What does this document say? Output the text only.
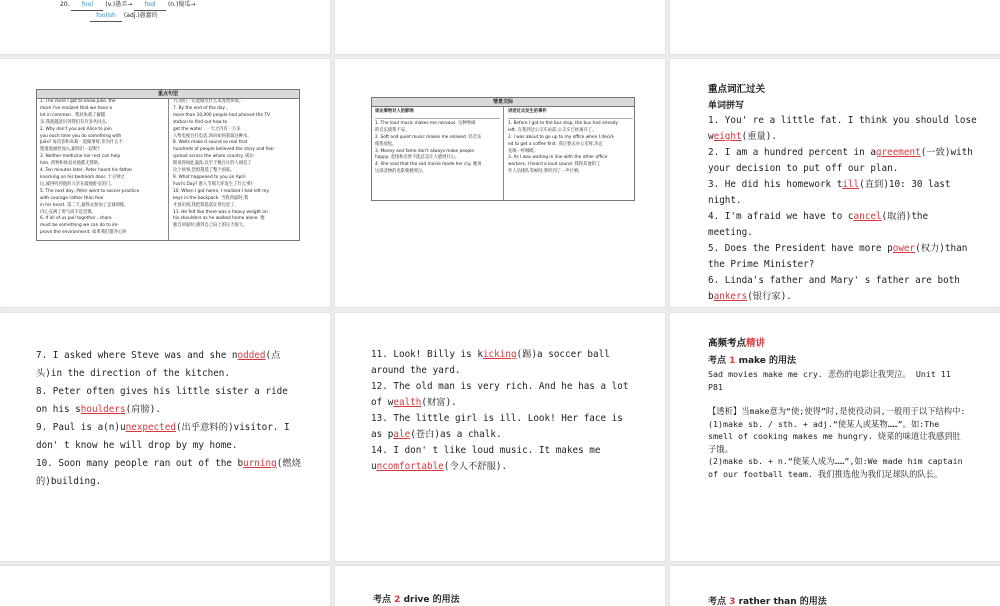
20. fool (v.)愚弄→ fool (n.)傻瓜→
foolish (adj.)愚蠢的
重点句型
1. The more I got to know Julie, the
more I've realized that we have a
lot in common . 我对朱莉了解越
多,我就越意识到我们有许多共同点。
2. Why don't you ask Alice to join
you each time you do something with
Julie? 每次你和朱莉一起做事时,你为什么不
邀请爱丽丝加入,跟你们一起呢?
3. Neither medicine nor rest can help
him. 药物和休息对他都无帮助。
4. Ten minutes later, Peter heard his father
knocking on his bedroom door. 十分钟之
后,彼得听到他的父亲在敲他卧室的门。
5. The next day, Peter went to soccer practice
with courage rather than fear
in his heart. 第二天,彼得去参加了足球训练,
内心充满了勇气而不是恐惧。
6. If all of us pull together , share
must be something we can do to im-
prove the environment. 如果我们都齐心协
力,我们一定能做点什么来改善环境。
7. By the end of the day ,
more than 10,000 people had phoned the TV
station to find out how to
get the water . 一天之内有一万多
人给电视台打电话,询问如何获取这种水。
8. Wells make it sound so real that
hundreds of people believed the story and fear
spread across the whole country. 威尔
斯说得如此逼真,以至于数百计的人相信了
这个故事,恐惧蔓延了整个国家。
9. What happened to you on April
Fool's Day? 愚人节那天你发生了什么事?
10. When I got home, I realized I had left my
keys in the backpack. 当我到家时,我
才意识到,我把钥匙落在背包里了。
11. He felt like there was a heavy weight on
his shoulders as he walked home alone. 他
独自回家时,感到自己肩上的压力很大。
情景交际
谈论事物对人的影响
1. The loud music makes me nervous. 这种吵闹
的音乐使我不安。
2. Soft and quiet music makes me relaxed. 轻音乐
使我放松。
3. Money and fame don't always make people
happy. 金钱和名誉不能总是让人感到开心。
4. She said that the sad movie made her cry. 她说
这部悲惨的电影使她哭泣。
讲述过去发生的事件
1. Before I got to the bus stop, the bus had already
left. 在我到达公交车站前,公交车已经离开了。
2. I was about to go up to my office when I decid-
ed to get a coffee first. 我正要去办公室时,决定
先喝一杯咖啡。
3. As I was waiting in line with the other office
workers, I heard a loud sound. 我和其他的工
作人员排队等候时,我听到了一声巨响。
重点词汇过关
单词拼写
1. You' re a little fat. I think you should lose weight(重量).
2. I am a hundred percent in agreement(一致)with your decision to put off our plan.
3. He did his homework till(直到)10: 30 last night.
4. I'm afraid we have to cancel(取消)the meeting.
5. Does the President have more power(权力)than the Prime Minister?
6. Linda's father and Mary' s father are both bankers(银行家).
7. I asked where Steve was and she nodded(点头)in the direction of the kitchen.
8. Peter often gives his little sister a ride on his shoulders(肩膀).
9. Paul is a(n)unexpected(出乎意料的)visitor. I don' t know he will drop by my home.
10. Soon many people ran out of the burning(燃烧的)building.
11. Look! Billy is kicking(踢)a soccer ball around the yard.
12. The old man is very rich. And he has a lot of wealth(财富).
13. The little girl is ill. Look! Her face is as pale(苍白)as a chalk.
14. I don' t like loud music. It makes me uncomfortable(令人不舒服).
高频考点精讲
考点 1 make 的用法
Sad movies make me cry. 悲伤的电影让我哭泣。 Unit 11 P81
【透析】当make意为“使;使得”时,是使役动词,一般用于以下结构中:
(1)make sb. / sth. + adj.“使某人或某物……”。如:The smell of cooking makes me hungry. 烧菜的味道让我感到肚子饿。
(2)make sb. + n.“使某人成为……”,如:We made him captain of our football team. 我们推选他为我们足球队的队长。
考点 2 drive 的用法	考点 3 rather than 的用法
